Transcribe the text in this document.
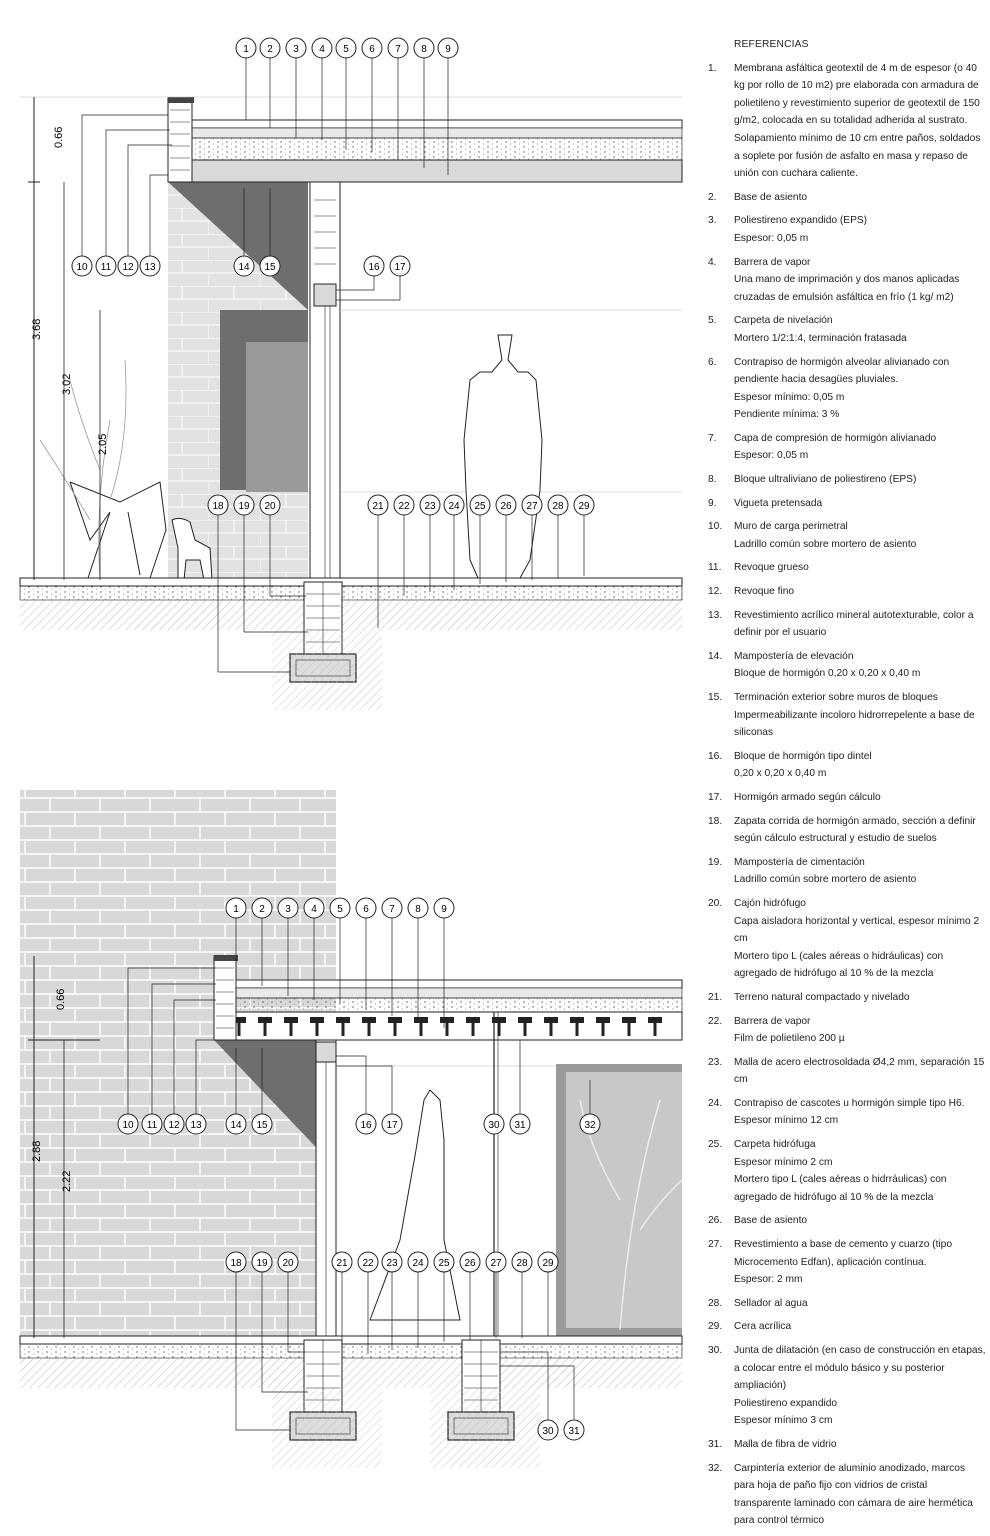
0.66
3.68
3.02
2.05
1 2 3 4 5 6 7 8 9
10 11 12 13	14 15	16 17
18 19 20	21 22 23 24 25 26 27 28 29
0.66
2.88
2.22
1 2 3 4 5 6 7 8 9
10 11 12 13	14 15	16 17	30 31	32
18 19 20	21 22 23 24 25 26 27 28 29
30 31
REFERENCIAS
1. Membrana asfáltica geotextil de 4 m de espesor (o 40 kg por rollo de 10 m2) pre elaborada con armadura de polietileno y revestimiento superior de geotextil de 150 g/m2, colocada en su totalidad adherida al sustrato. Solapamiento mínimo de 10 cm entre paños, soldados a soplete por fusión de asfalto en masa y repaso de unión con cuchara caliente.
2. Base de asiento
3. Poliestireno expandido (EPS)
Espesor: 0,05 m
4. Barrera de vapor
Una mano de imprimación y dos manos aplicadas cruzadas de emulsión asfáltica en frío (1 kg/ m2)
5. Carpeta de nivelación
Mortero 1/2:1:4, terminación fratasada
6. Contrapiso de hormigón alveolar alivianado con pendiente hacia desagües pluviales.
Espesor mínimo: 0,05 m
Pendiente mínima: 3 %
7. Capa de compresión de hormigón alivianado
Espesor: 0,05 m
8. Bloque ultraliviano de poliestireno (EPS)
9. Vigueta pretensada
10. Muro de carga perimetral
Ladrillo común sobre mortero de asiento
11. Revoque grueso
12. Revoque fino
13. Revestimiento acrílico mineral autotexturable, color a definir por el usuario
14. Mampostería de elevación
Bloque de hormigón 0,20 x 0,20 x 0,40 m
15. Terminación exterior sobre muros de bloques
Impermeabilizante incoloro hidrorrepelente a base de siliconas
16. Bloque de hormigón tipo dintel
0,20 x 0,20 x 0,40 m
17. Hormigón armado según cálculo
18. Zapata corrida de hormigón armado, sección a definir según cálculo estructural y estudio de suelos
19. Mampostería de cimentación
Ladrillo común sobre mortero de asiento
20. Cajón hidrófugo
Capa aisladora horizontal y vertical, espesor mínimo 2 cm
Mortero tipo L (cales aéreas o hidráulicas) con agregado de hidrófugo al 10 % de la mezcla
21. Terreno natural compactado y nivelado
22. Barrera de vapor
Film de polietileno 200 µ
23. Malla de acero electrosoldada Ø4,2 mm, separación 15 cm
24. Contrapiso de cascotes u hormigón simple tipo H6.
Espesor mínimo 12 cm
25. Carpeta hidrófuga
Espesor mínimo 2 cm
Mortero tipo L (cales aéreas o hidrráulicas) con agregado de hidrófugo al 10 % de la mezcla
26. Base de asiento
27. Revestimiento a base de cemento y cuarzo (tipo Microcemento Edfan), aplicación contínua.
Espesor: 2 mm
28. Sellador al agua
29. Cera acrílica
30. Junta de dilatación (en caso de construcción en etapas, a colocar entre el módulo básico y su posterior ampliación)
Poliestireno expandido
Espesor mínimo 3 cm
31. Malla de fibra de vidrio
32. Carpintería exterior de aluminio anodizado, marcos para hoja de paño fijo con vidrios de cristal transparente laminado con cámara de aire hermética para control térmico
